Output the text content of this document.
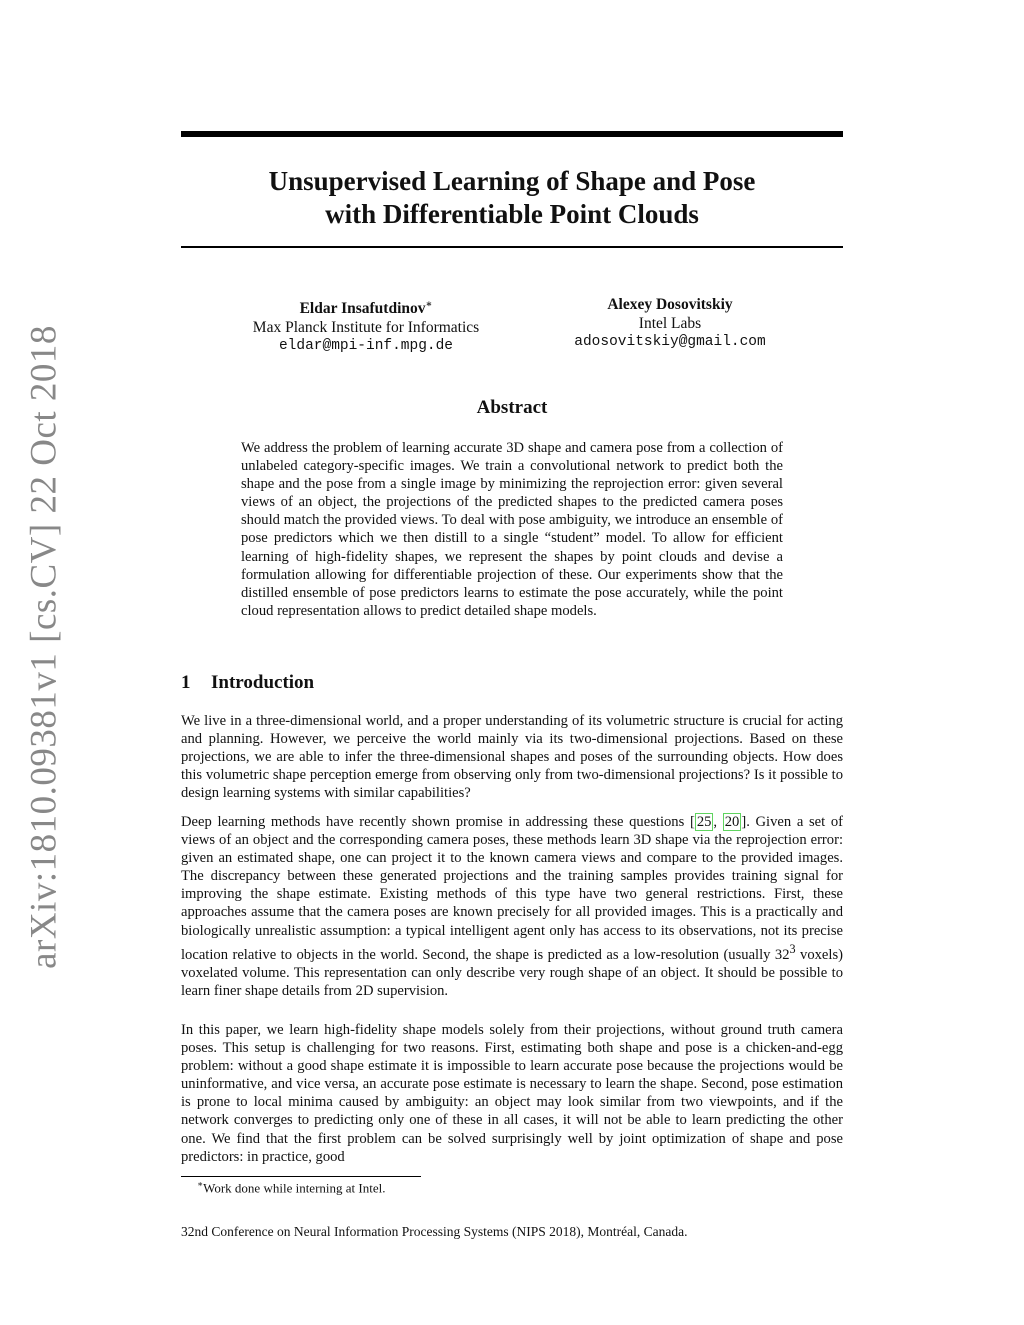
arXiv:1810.09381v1 [cs.CV] 22 Oct 2018
Unsupervised Learning of Shape and Pose
with Differentiable Point Clouds
Eldar Insafutdinov∗
Max Planck Institute for Informatics
eldar@mpi-inf.mpg.de
Alexey Dosovitskiy
Intel Labs
adosovitskiy@gmail.com
Abstract

We address the problem of learning accurate 3D shape and camera pose from a collection of unlabeled category-specific images. We train a convolutional network to predict both the shape and the pose from a single image by minimizing the reprojection error: given several views of an object, the projections of the predicted shapes to the predicted camera poses should match the provided views. To deal with pose ambiguity, we introduce an ensemble of pose predictors which we then distill to a single “student” model. To allow for efficient learning of high-fidelity shapes, we represent the shapes by point clouds and devise a formulation allowing for differentiable projection of these. Our experiments show that the distilled ensemble of pose predictors learns to estimate the pose accurately, while the point cloud representation allows to predict detailed shape models.

1 Introduction

We live in a three-dimensional world, and a proper understanding of its volumetric structure is crucial for acting and planning. However, we perceive the world mainly via its two-dimensional projections. Based on these projections, we are able to infer the three-dimensional shapes and poses of the surrounding objects. How does this volumetric shape perception emerge from observing only from two-dimensional projections? Is it possible to design learning systems with similar capabilities?

Deep learning methods have recently shown promise in addressing these questions [ 25 , 20 ]. Given a set of views of an object and the corresponding camera poses, these methods learn 3D shape via the reprojection error: given an estimated shape, one can project it to the known camera views and compare to the provided images. The discrepancy between these generated projections and the training samples provides training signal for improving the shape estimate. Existing methods of this type have two general restrictions. First, these approaches assume that the camera poses are known precisely for all provided images. This is a practically and biologically unrealistic assumption: a typical intelligent agent only has access to its observations, not its precise location relative to objects in the world. Second, the shape is predicted as a low-resolution (usually $32^3$ voxels) voxelated volume. This representation can only describe very rough shape of an object. It should be possible to learn finer shape details from 2D supervision.

In this paper, we learn high-fidelity shape models solely from their projections, without ground truth camera poses. This setup is challenging for two reasons. First, estimating both shape and pose is a chicken-and-egg problem: without a good shape estimate it is impossible to learn accurate pose because the projections would be uninformative, and vice versa, an accurate pose estimate is necessary to learn the shape. Second, pose estimation is prone to local minima caused by ambiguity: an object may look similar from two viewpoints, and if the network converges to predicting only one of these in all cases, it will not be able to learn predicting the other one. We find that the first problem can be solved surprisingly well by joint optimization of shape and pose predictors: in practice, good

∗Work done while interning at Intel.

32nd Conference on Neural Information Processing Systems (NIPS 2018), Montréal, Canada.
